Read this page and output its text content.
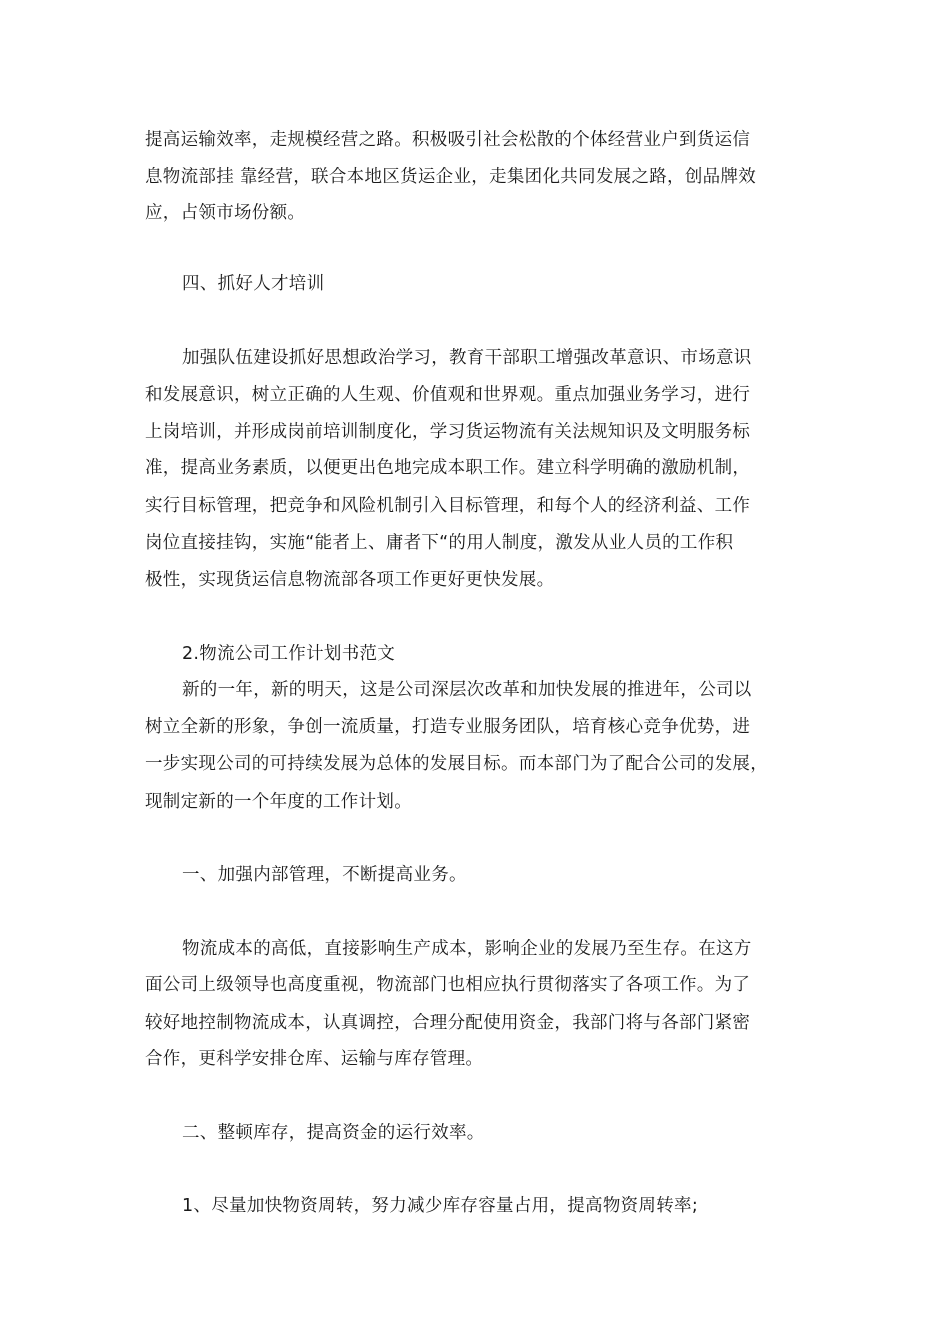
提高运输效率，走规模经营之路。积极吸引社会松散的个体经营业户到货运信
息物流部挂 靠经营，联合本地区货运企业，走集团化共同发展之路，创品牌效
应，占领市场份额。
四、抓好人才培训
加强队伍建设抓好思想政治学习，教育干部职工增强改革意识、市场意识
和发展意识，树立正确的人生观、价值观和世界观。重点加强业务学习，进行
上岗培训，并形成岗前培训制度化，学习货运物流有关法规知识及文明服务标
准，提高业务素质，以便更出色地完成本职工作。建立科学明确的激励机制，
实行目标管理，把竞争和风险机制引入目标管理，和每个人的经济利益、工作
岗位直接挂钩，实施“能者上、庸者下“的用人制度，激发从业人员的工作积
极性，实现货运信息物流部各项工作更好更快发展。
2.物流公司工作计划书范文
新的一年，新的明天，这是公司深层次改革和加快发展的推进年，公司以
树立全新的形象，争创一流质量，打造专业服务团队，培育核心竞争优势，进
一步实现公司的可持续发展为总体的发展目标。而本部门为了配合公司的发展，
现制定新的一个年度的工作计划。
一、加强内部管理，不断提高业务。
物流成本的高低，直接影响生产成本，影响企业的发展乃至生存。在这方
面公司上级领导也高度重视，物流部门也相应执行贯彻落实了各项工作。为了
较好地控制物流成本，认真调控，合理分配使用资金，我部门将与各部门紧密
合作，更科学安排仓库、运输与库存管理。
二、整顿库存，提高资金的运行效率。
1、尽量加快物资周转，努力减少库存容量占用，提高物资周转率;
